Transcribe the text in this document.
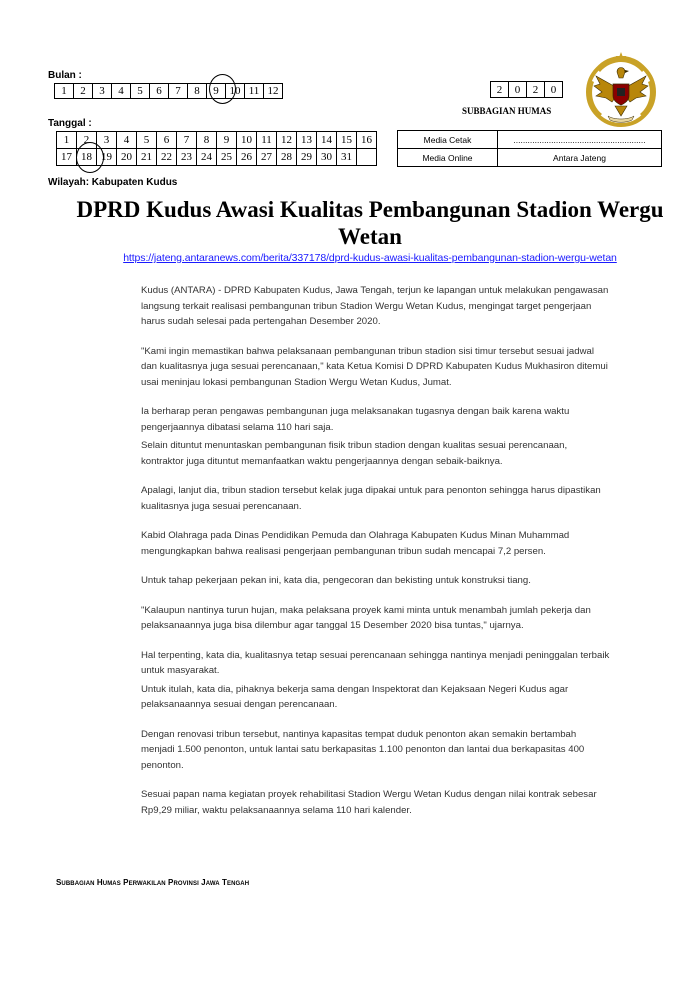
Bulan :
1	2	3	4	5	6	7	8	9	10	11	12
Tanggal :
1	2	3	4	5	6	7	8	9	10	11	12	13	14	15	16
17	18	19	20	21	22	23	24	25	26	27	28	29	30	31	
Wilayah: Kabupaten Kudus
2	0	2	0
SUBBAGIAN HUMAS
Media Cetak	........................................................
Media Online	Antara Jateng
DPRD Kudus Awasi Kualitas Pembangunan Stadion Wergu Wetan
https://jateng.antaranews.com/berita/337178/dprd-kudus-awasi-kualitas-pembangunan-stadion-wergu-wetan

Kudus (ANTARA) - DPRD Kabupaten Kudus, Jawa Tengah, terjun ke lapangan untuk melakukan pengawasan langsung terkait realisasi pembangunan tribun Stadion Wergu Wetan Kudus, mengingat target pengerjaan harus sudah selesai pada pertengahan Desember 2020.

"Kami ingin memastikan bahwa pelaksanaan pembangunan tribun stadion sisi timur tersebut sesuai jadwal dan kualitasnya juga sesuai perencanaan," kata Ketua Komisi D DPRD Kabupaten Kudus Mukhasiron ditemui usai meninjau lokasi pembangunan Stadion Wergu Wetan Kudus, Jumat.

Ia berharap peran pengawas pembangunan juga melaksanakan tugasnya dengan baik karena waktu pengerjaannya dibatasi selama 110 hari saja.

Selain dituntut menuntaskan pembangunan fisik tribun stadion dengan kualitas sesuai perencanaan, kontraktor juga dituntut memanfaatkan waktu pengerjaannya dengan sebaik-baiknya.

Apalagi, lanjut dia, tribun stadion tersebut kelak juga dipakai untuk para penonton sehingga harus dipastikan kualitasnya juga sesuai perencanaan.

Kabid Olahraga pada Dinas Pendidikan Pemuda dan Olahraga Kabupaten Kudus Minan Muhammad mengungkapkan bahwa realisasi pengerjaan pembangunan tribun sudah mencapai 7,2 persen.

Untuk tahap pekerjaan pekan ini, kata dia, pengecoran dan bekisting untuk konstruksi tiang.

"Kalaupun nantinya turun hujan, maka pelaksana proyek kami minta untuk menambah jumlah pekerja dan pelaksanaannya juga bisa dilembur agar tanggal 15 Desember 2020 bisa tuntas," ujarnya.

Hal terpenting, kata dia, kualitasnya tetap sesuai perencanaan sehingga nantinya menjadi peninggalan terbaik untuk masyarakat.

Untuk itulah, kata dia, pihaknya bekerja sama dengan Inspektorat dan Kejaksaan Negeri Kudus agar pelaksanaannya sesuai dengan perencanaan.

Dengan renovasi tribun tersebut, nantinya kapasitas tempat duduk penonton akan semakin bertambah menjadi 1.500 penonton, untuk lantai satu berkapasitas 1.100 penonton dan lantai dua berkapasitas 400 penonton.

Sesuai papan nama kegiatan proyek rehabilitasi Stadion Wergu Wetan Kudus dengan nilai kontrak sebesar Rp9,29 miliar, waktu pelaksanaannya selama 110 hari kalender.

Subbagian Humas Perwakilan Provinsi Jawa Tengah
